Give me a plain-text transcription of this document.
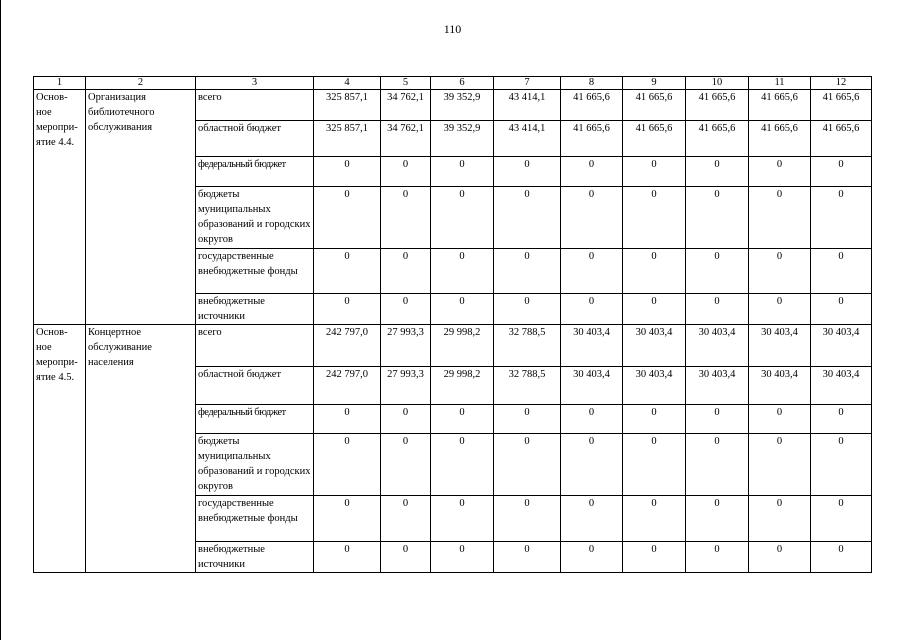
110
1	2	3	4	5	6	7	8	9	10	11	12
Основ-ное меропри-ятие 4.4.	Организация библиотечного обслуживания	всего	325 857,1	34 762,1	39 352,9	43 414,1	41 665,6	41 665,6	41 665,6	41 665,6	41 665,6
		областной бюджет	325 857,1	34 762,1	39 352,9	43 414,1	41 665,6	41 665,6	41 665,6	41 665,6	41 665,6
		федеральный бюджет	0	0	0	0	0	0	0	0	0
		бюджеты муниципальных образований и городских округов	0	0	0	0	0	0	0	0	0
		государственные внебюджетные фонды	0	0	0	0	0	0	0	0	0
		внебюджетные источники	0	0	0	0	0	0	0	0	0
Основ-ное меропри-ятие 4.5.	Концертное обслуживание населения	всего	242 797,0	27 993,3	29 998,2	32 788,5	30 403,4	30 403,4	30 403,4	30 403,4	30 403,4
		областной бюджет	242 797,0	27 993,3	29 998,2	32 788,5	30 403,4	30 403,4	30 403,4	30 403,4	30 403,4
		федеральный бюджет	0	0	0	0	0	0	0	0	0
		бюджеты муниципальных образований и городских округов	0	0	0	0	0	0	0	0	0
		государственные внебюджетные фонды	0	0	0	0	0	0	0	0	0
		внебюджетные источники	0	0	0	0	0	0	0	0	0
